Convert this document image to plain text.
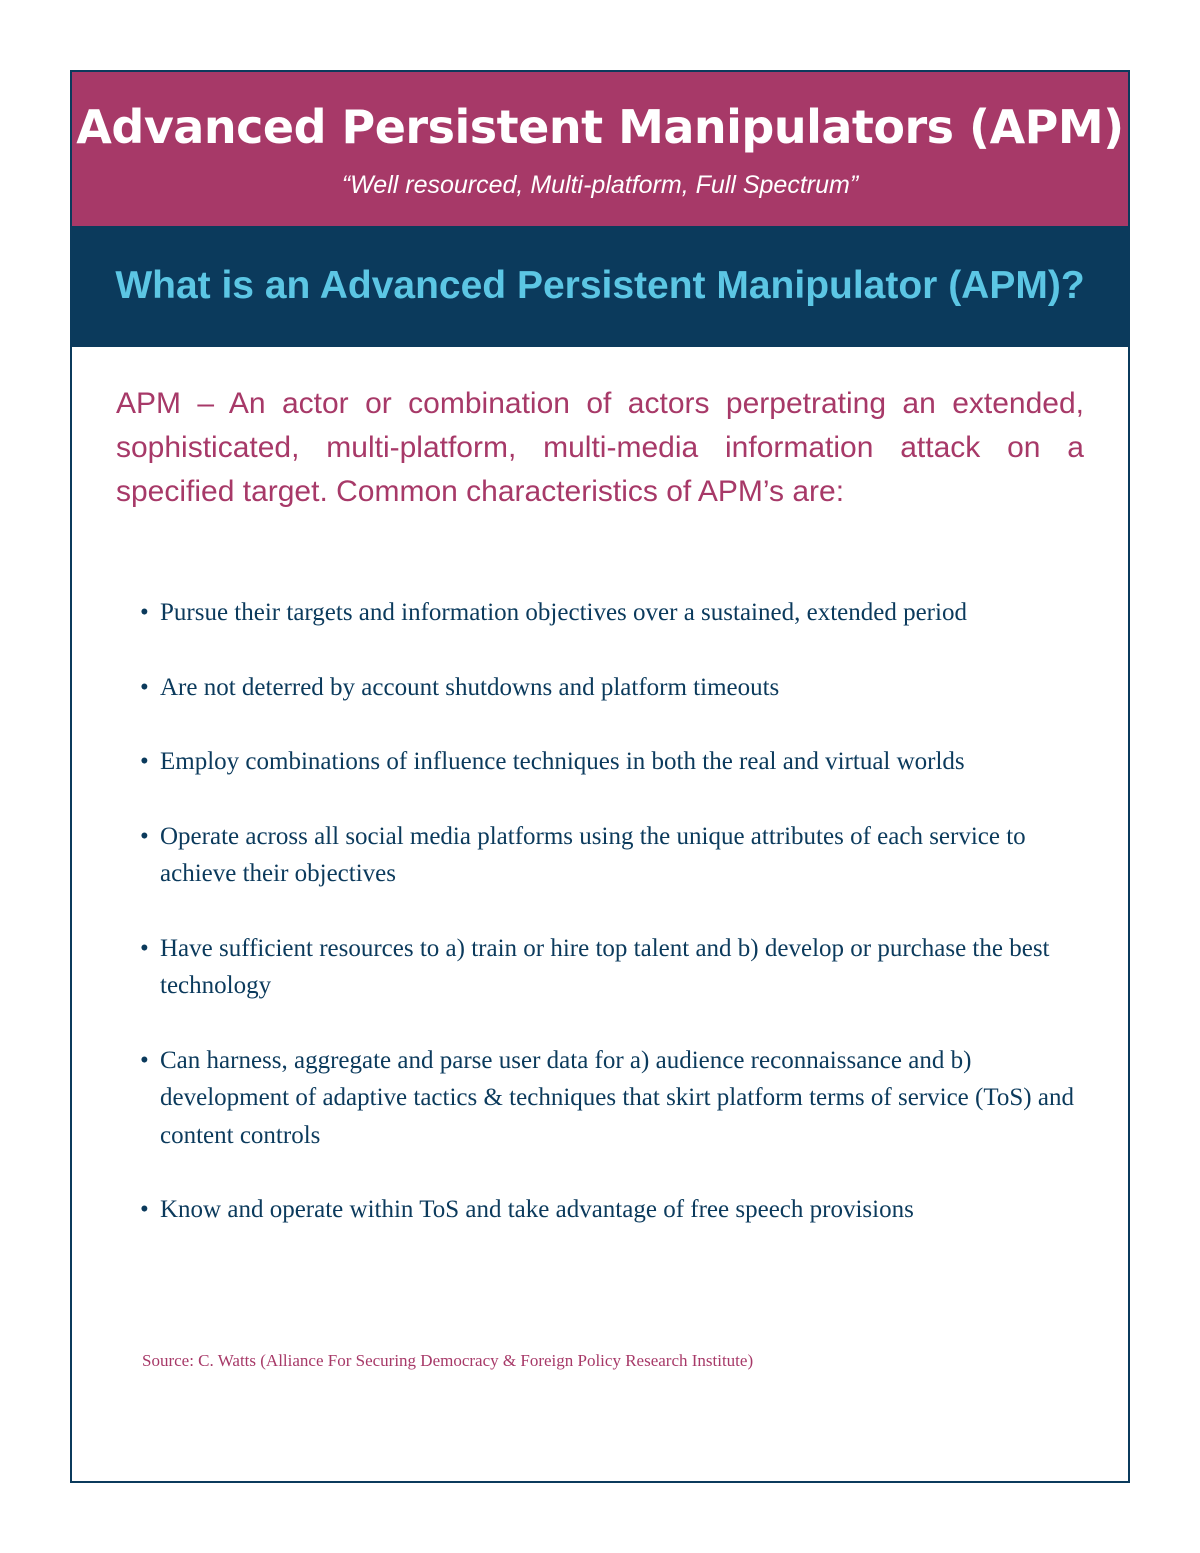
Advanced Persistent Manipulators (APM)
“Well resourced, Multi-platform, Full Spectrum”
What is an Advanced Persistent Manipulator (APM)?

APM – An actor or combination of actors perpetrating an extended, sophisticated, multi-platform, multi-media information attack on a specified target. Common characteristics of APM’s are:

• Pursue their targets and information objectives over a sustained, extended period
• Are not deterred by account shutdowns and platform timeouts
• Employ combinations of influence techniques in both the real and virtual worlds
• Operate across all social media platforms using the unique attributes of each service to achieve their objectives
• Have sufficient resources to a) train or hire top talent and b) develop or purchase the best technology
• Can harness, aggregate and parse user data for a) audience reconnaissance and b) development of adaptive tactics & techniques that skirt platform terms of service (ToS) and content controls
• Know and operate within ToS and take advantage of free speech provisions

Source: C. Watts (Alliance For Securing Democracy & Foreign Policy Research Institute)
